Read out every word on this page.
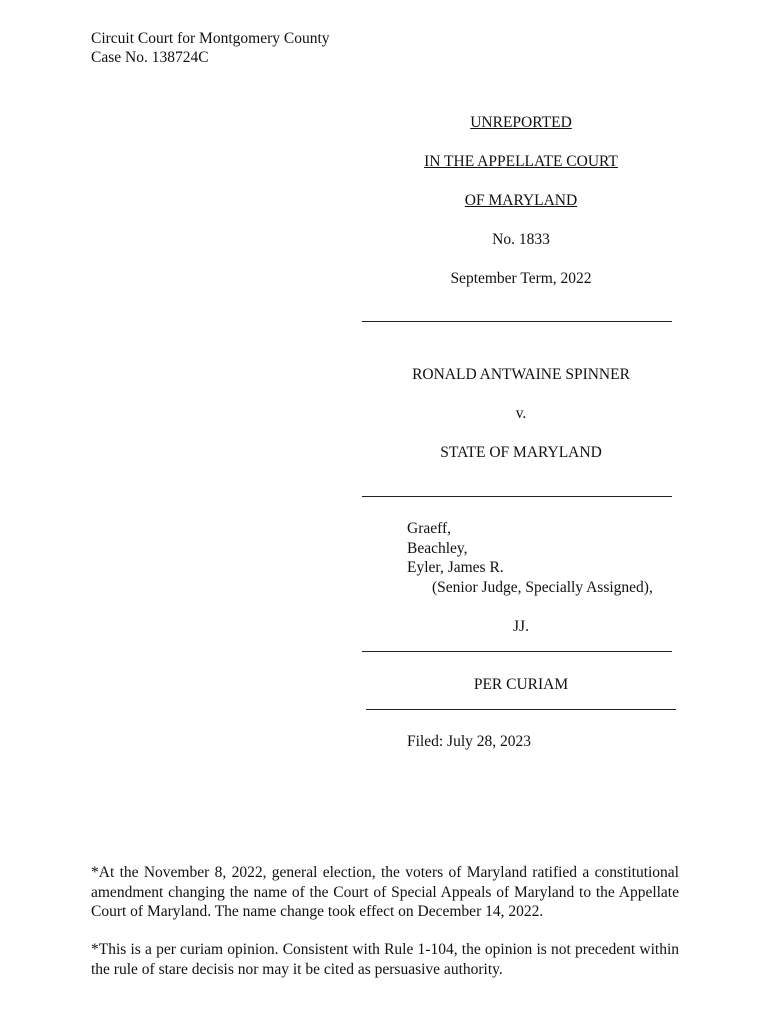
Circuit Court for Montgomery County
Case No. 138724C
UNREPORTED
IN THE APPELLATE COURT
OF MARYLAND
No. 1833
September Term, 2022
RONALD ANTWAINE SPINNER
v.
STATE OF MARYLAND
Graeff,
Beachley,
Eyler, James R.
(Senior Judge, Specially Assigned),
JJ.
PER CURIAM
Filed: July 28, 2023
*At the November 8, 2022, general election, the voters of Maryland ratified a constitutional amendment changing the name of the Court of Special Appeals of Maryland to the Appellate Court of Maryland. The name change took effect on December 14, 2022.
*This is a per curiam opinion. Consistent with Rule 1-104, the opinion is not precedent within the rule of stare decisis nor may it be cited as persuasive authority.
